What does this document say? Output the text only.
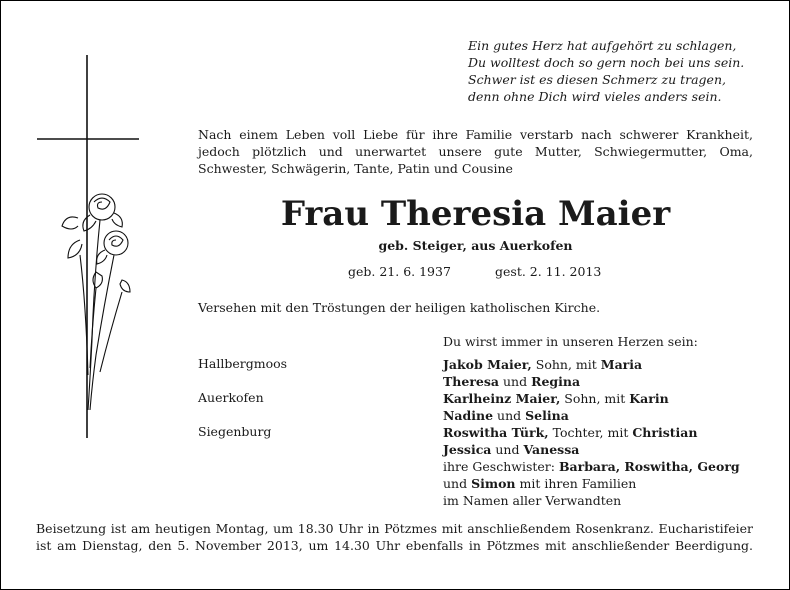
Ein gutes Herz hat aufgehört zu schlagen,
Du wolltest doch so gern noch bei uns sein.
Schwer ist es diesen Schmerz zu tragen,
denn ohne Dich wird vieles anders sein.
Nach einem Leben voll Liebe für ihre Familie verstarb nach schwerer Krankheit,
jedoch plötzlich und unerwartet unsere gute Mutter, Schwiegermutter, Oma,
Schwester, Schwägerin, Tante, Patin und Cousine
Frau Theresia Maier
geb. Steiger, aus Auerkofen
geb. 21. 6. 1937	gest. 2. 11. 2013
Versehen mit den Tröstungen der heiligen katholischen Kirche.
Du wirst immer in unseren Herzen sein:
Hallbergmoos
Auerkofen
Siegenburg
Jakob Maier, Sohn, mit Maria
Theresa und Regina
Karlheinz Maier, Sohn, mit Karin
Nadine und Selina
Roswitha Türk, Tochter, mit Christian
Jessica und Vanessa
ihre Geschwister: Barbara, Roswitha, Georg
und Simon mit ihren Familien
im Namen aller Verwandten
Beisetzung ist am heutigen Montag, um 18.30 Uhr in Pötzmes mit anschließendem Rosenkranz. Eucharistifeier
ist am Dienstag, den 5. November 2013, um 14.30 Uhr ebenfalls in Pötzmes mit anschließender Beerdigung.
